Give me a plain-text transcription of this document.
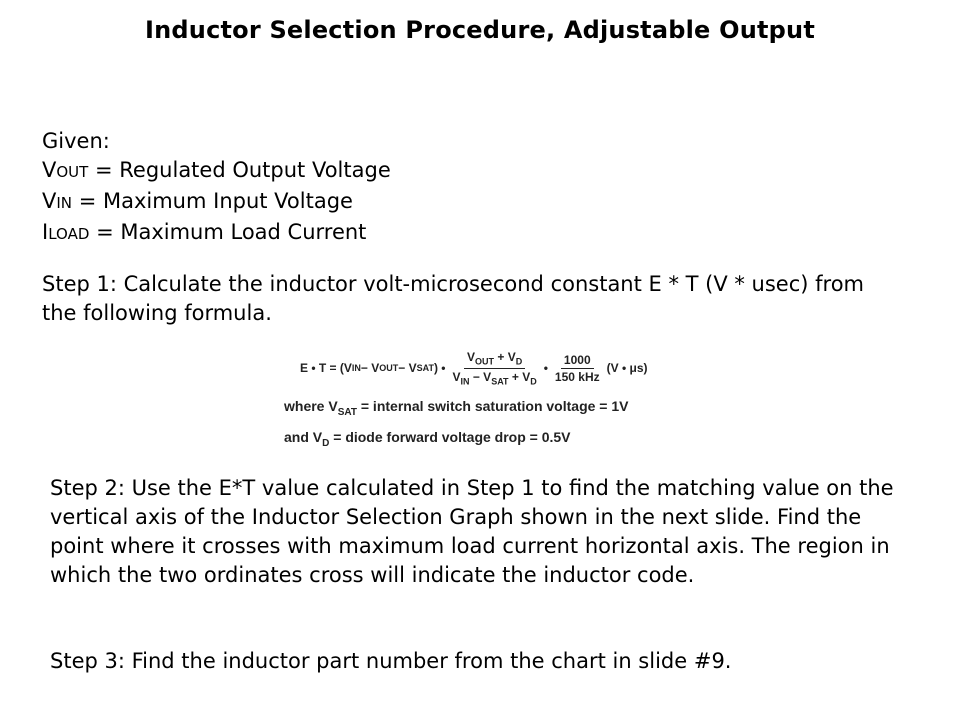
Inductor Selection Procedure, Adjustable Output
Given:
VOUT = Regulated Output Voltage
VIN = Maximum Input Voltage
ILOAD = Maximum Load Current
Step 1: Calculate the inductor volt-microsecond constant E * T (V * usec) from the following formula.
E • T = (V IN − V OUT − V SAT ) • $\frac{V_{OUT} + V_D}{V_{IN} - V_{SAT} + V_D}$ • $\frac{1000}{\text{150 kHz}} (V$ • μs)
where $V_{SAT}$ = internal switch saturation voltage = 1V
and $V_D$ = diode forward voltage drop = 0.5V
Step 2: Use the E*T value calculated in Step 1 to find the matching value on the vertical axis of the Inductor Selection Graph shown in the next slide. Find the point where it crosses with maximum load current horizontal axis. The region in which the two ordinates cross will indicate the inductor code.
Step 3: Find the inductor part number from the chart in slide #9.
